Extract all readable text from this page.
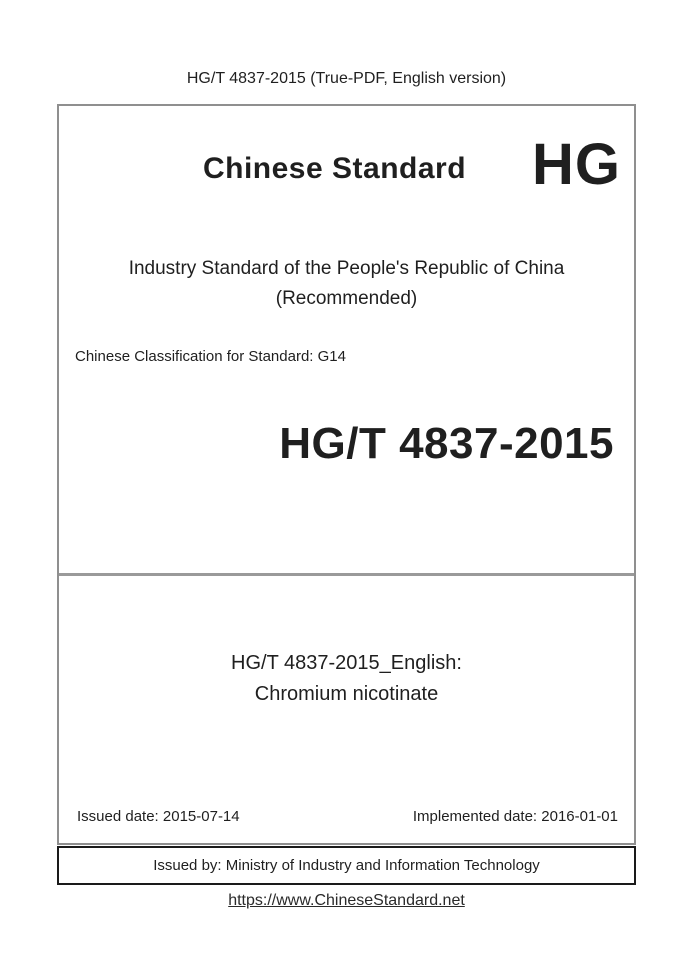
HG/T 4837-2015 (True-PDF, English version)
Chinese Standard	HG
Industry Standard of the People's Republic of China
(Recommended)
Chinese Classification for Standard: G14
HG/T 4837-2015
HG/T 4837-2015_English:
Chromium nicotinate
Issued date: 2015-07-14	Implemented date: 2016-01-01
Issued by: Ministry of Industry and Information Technology
https://www.ChineseStandard.net
